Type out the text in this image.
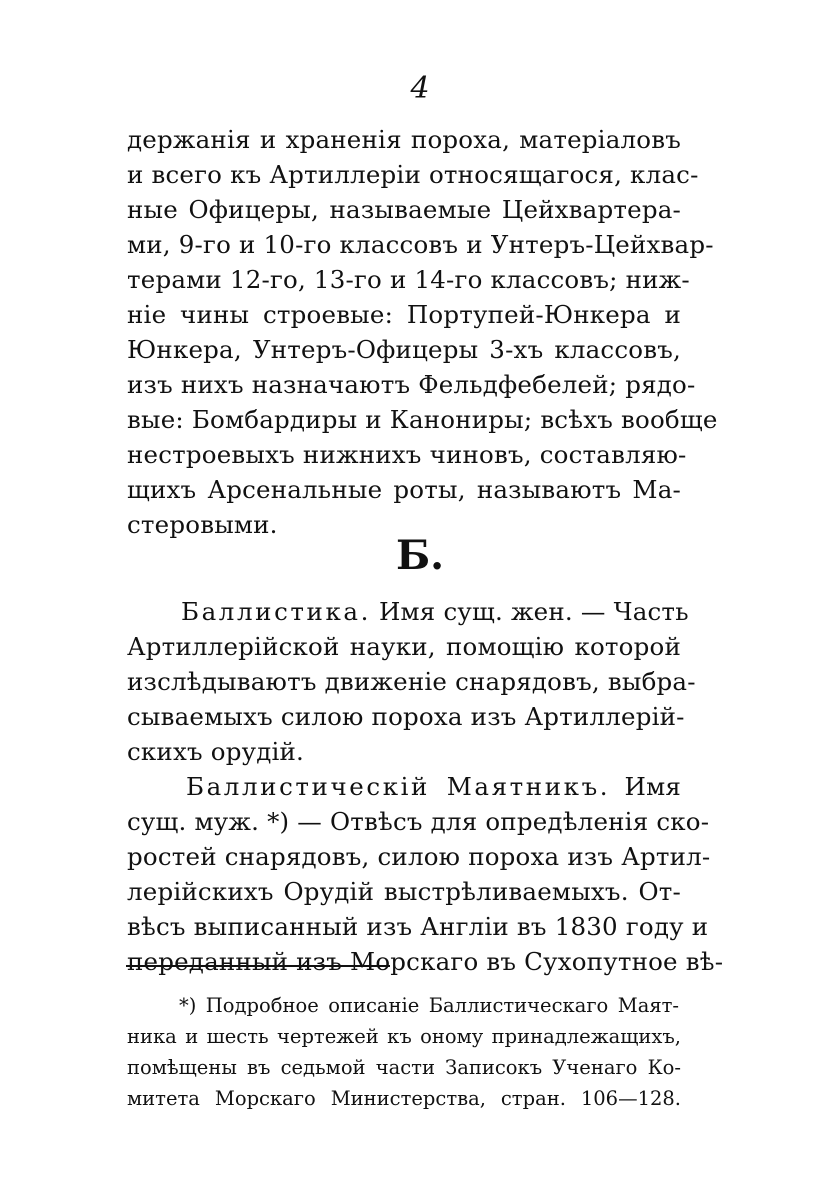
4
держанія и храненія пороха, матеріаловъ
и всего къ Артиллеріи относящагося, клас-
ные Офицеры, называемые Цейхвартера-
ми, 9-го и 10-го классовъ и Унтеръ-Цейхвар-
терами 12-го, 13-го и 14-го классовъ; ниж-
ніе чины строевые: Портупей-Юнкера и
Юнкера, Унтеръ-Офицеры 3-хъ классовъ,
изъ нихъ назначаютъ Фельдфебелей; рядо-
вые: Бомбардиры и Канониры; всѣхъ вообще
нестроевыхъ нижнихъ чиновъ, составляю-
щихъ Арсенальные роты, называютъ Ма-
стеровыми.
Б.
Баллистика. Имя сущ. жен. — Часть
Артиллерійской науки, помощію которой
изслѣдываютъ движеніе снарядовъ, выбра-
сываемыхъ силою пороха изъ Артиллерій-
скихъ орудій.
Баллистическій Маятникъ. Имя
сущ. муж. *) — Отвѣсъ для опредѣленія ско-
ростей снарядовъ, силою пороха изъ Артил-
лерійскихъ Орудій выстрѣливаемыхъ. От-
вѣсъ выписанный изъ Англіи въ 1830 году и
переданный изъ Морскаго въ Сухопутное вѣ-
*) Подробное описаніе Баллистическаго Маят-
ника и шесть чертежей къ оному принадлежащихъ,
помѣщены въ седьмой части Записокъ Ученаго Ко-
митета Морскаго Министерства, стран. 106—128.
